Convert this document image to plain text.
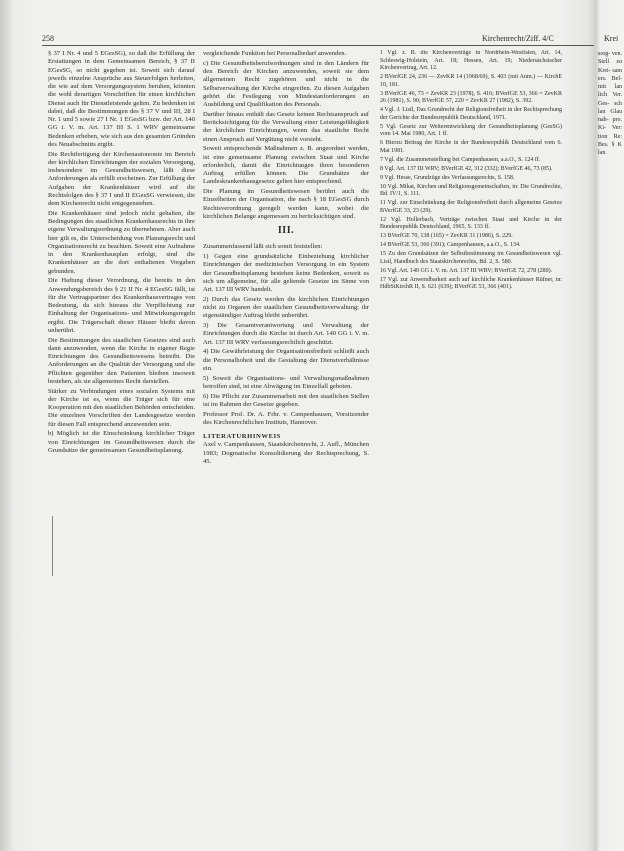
258	Kirchenrecht/Ziff. 4/C	Krei

§ 37 I Nr. 4 und 5 EGesSG), so daß die Erfüllung der Erstattungen in dem Gemeinsamen Bereich, § 37 II EGesSG, so nicht gegeben ist. Soweit sich darauf jeweils einzelne Ansprüche aus Steuerfolgen herleiten, die wie auf dem Versorgungssystem beruhen, könnten die wohl derartigen Vorschriften für einen kirchlichen Dienst auch für Dienstleistende gelten. Zu bedenken ist dabei, daß die Bestimmungen des § 37 V und III, 28 I Nr. 1 und 5 sowie 27 I Nr. 1 EGesSG bzw. der Art. 140 GG i. V. m. Art. 137 III S. 1 WRV gemeinsame Bedenken erheben, wie sich aus den gesamten Gründen des Neuabschnitts ergibt.

Die Rechtfertigung der Kirchenautonomie im Bereich der kirchlichen Einrichtungen der sozialen Versorgung, insbesondere im Gesundheitswesen, läßt diese Anforderungen als erfüllt erscheinen. Zur Erfüllung der Aufgaben der Krankenhäuser wird auf die Rechtsfolgen des § 37 I und II EGesSG verwiesen, die dem Kirchenrecht nicht entgegenstehen.

Die Krankenhäuser sind jedoch nicht gehalten, die Bedingungen des staatlichen Krankenhausrechts in ihre eigene Verwaltungsordnung zu übernehmen. Aber auch hier gilt es, die Unterscheidung von Planungsrecht und Organisationsrecht zu beachten. Soweit eine Aufnahme in den Krankenhausplan erfolgt, sind die Krankenhäuser an die dort enthaltenen Vorgaben gebunden.

Die Haftung dieser Verordnung, die bereits in den Anwendungsbereich des § 21 II Nr. 4 EGesSG fällt, ist für die Vertragspartner des Krankenhausvertrages von Bedeutung, da sich hieraus die Verpflichtung zur Einhaltung der Organisations- und Mitwirkungsregeln ergibt. Die Trägerschaft dieser Häuser bleibt davon unberührt.

Die Bestimmungen des staatlichen Gesetzes sind auch dann anzuwenden, wenn die Kirche in eigener Regie Einrichtungen des Gesundheitswesens betreibt. Die Anforderungen an die Qualität der Versorgung und die Pflichten gegenüber den Patienten bleiben insoweit bestehen, als sie allgemeines Recht darstellen.

Stärker zu Verbindungen eines sozialen Systems mit der Kirche ist es, wenn die Träger sich für eine Kooperation mit den staatlichen Behörden entscheiden. Die einzelnen Vorschriften der Landesgesetze werden für diesen Fall entsprechend anzuwenden sein.

b) Möglich ist die Einschränkung kirchlicher Träger von Einrichtungen im Gesundheitswesen durch die Grundsätze der gemeinsamen Gesundheitsplanung.

vergleichende Funktion bei Personalbedarf anwenden.

c) Die Gesundheitsberufsordnungen sind in den Ländern für den Bereich der Kirchen anzuwenden, soweit sie dem allgemeinen Recht zugehören und nicht in die Selbstverwaltung der Kirche eingreifen. Zu diesen Aufgaben gehört die Festlegung von Mindestanforderungen an Ausbildung und Qualifikation des Personals.

Darüber hinaus enthält das Gesetz keinen Rechtsanspruch auf Berücksichtigung für die Verwaltung einer Leistungsfähigkeit der kirchlichen Einrichtungen, wenn das staatliche Recht einen Anspruch auf Vergütung nicht vorsieht.

Soweit entsprechende Maßnahmen z. B. angeordnet werden, ist eine gemeinsame Planung zwischen Staat und Kirche erforderlich, damit die Einrichtungen ihren besonderen Auftrag erfüllen können. Die Grundsätze der Landeskrankenhausgesetze gelten hier entsprechend.

Die Planung im Gesundheitswesen berührt auch die Einzelheiten der Organisation, die nach § 18 EGesSG durch Rechtsverordnung geregelt werden kann, wobei die kirchlichen Belange angemessen zu berücksichtigen sind.

III.

Zusammenfassend läßt sich somit feststellen:

1) Gegen eine grundsätzliche Einbeziehung kirchlicher Einrichtungen der medizinischen Versorgung in ein System der Gesundheitsplanung bestehen keine Bedenken, soweit es sich um allgemeine, für alle geltende Gesetze im Sinne von Art. 137 III WRV handelt.

2) Durch das Gesetz werden die kirchlichen Einrichtungen nicht zu Organen der staatlichen Gesundheitsverwaltung; ihr eigenständiger Auftrag bleibt unberührt.

3) Die Gesamtverantwortung und Verwaltung der Einrichtungen durch die Kirche ist durch Art. 140 GG i. V. m. Art. 137 III WRV verfassungsrechtlich geschützt.

4) Die Gewährleistung der Organisationsfreiheit schließt auch die Personalhoheit und die Gestaltung der Dienstverhältnisse ein.

5) Soweit die Organisations- und Verwaltungsmaßnahmen betroffen sind, ist eine Abwägung im Einzelfall geboten.

6) Die Pflicht zur Zusammenarbeit mit den staatlichen Stellen ist im Rahmen der Gesetze gegeben.

Professor Prof. Dr. A. Frhr. v. Campenhausen, Vorsitzender des Kirchenrechtlichen Instituts, Hannover.

LITERATURHINWEIS

Axel v. Campenhausen, Staatskirchenrecht, 2. Aufl., München 1983; Dogmatische Konsolidierung der Rechtsprechung, S. 45.

1 Vgl. z. B. die Kirchenverträge in Nordrhein-Westfalen, Art. 14, Schleswig-Holstein, Art. 18; Hessen, Art. 19; Niedersächsischer Kirchenvertrag, Art. 12.

2 BVerfGE 24, 236 — ZevKR 14 (1968/69), S. 403 (mit Anm.) — KirchE 10, 181.

3 BVerfGE 46, 73 = ZevKR 23 (1978), S. 416; BVerfGE 53, 366 = ZevKR 26 (1981), S. 90; BVerfGE 57, 220 = ZevKR 27 (1982), S. 392.

4 Vgl. J. Listl, Das Grundrecht der Religionsfreiheit in der Rechtsprechung der Gerichte der Bundesrepublik Deutschland, 1971.

5 Vgl. Gesetz zur Weiterentwicklung der Gesundheitsplanung (GesSG) vom 14. Mai 1980, Art. 1 ff.

6 Hierzu Beitrag der Kirche in der Bundesrepublik Deutschland vom 6. Mai 1981.

7 Vgl. die Zusammenstellung bei Campenhausen, a.a.O., S. 124 ff.

8 Vgl. Art. 137 III WRV; BVerfGE 42, 312 (332); BVerfGE 46, 73 (85).

9 Vgl. Hesse, Grundzüge des Verfassungsrechts, S. 158.

10 Vgl. Mikat, Kirchen und Religionsgemeinschaften, in: Die Grundrechte, Bd. IV/1, S. 111.

11 Vgl. zur Einschränkung der Religionsfreiheit durch allgemeine Gesetze BVerfGE 33, 23 (29).

12 Vgl. Hollerbach, Verträge zwischen Staat und Kirche in der Bundesrepublik Deutschland, 1965, S. 133 ff.

13 BVerfGE 70, 138 (165) = ZevKR 31 (1986), S. 229.

14 BVerfGE 53, 366 (391); Campenhausen, a.a.O., S. 134.

15 Zu den Grundsätzen der Selbstbestimmung im Gesundheitswesen vgl. Listl, Handbuch des Staatskirchenrechts, Bd. 2, S. 580.

16 Vgl. Art. 140 GG i. V. m. Art. 137 III WRV; BVerfGE 72, 278 (289).

17 Vgl. zur Anwendbarkeit auch auf kirchliche Krankenhäuser Rüfner, in: HdbStKirchR II, S. 621 (639); BVerfGE 53, 366 (401).

sorg- ven. Stell zu Krei- sam ers. Bel- mit lan lich Ver. Ges- sch lan Glau nah- pro. Ki- Ver: tion Re: Bes. § K lan.
